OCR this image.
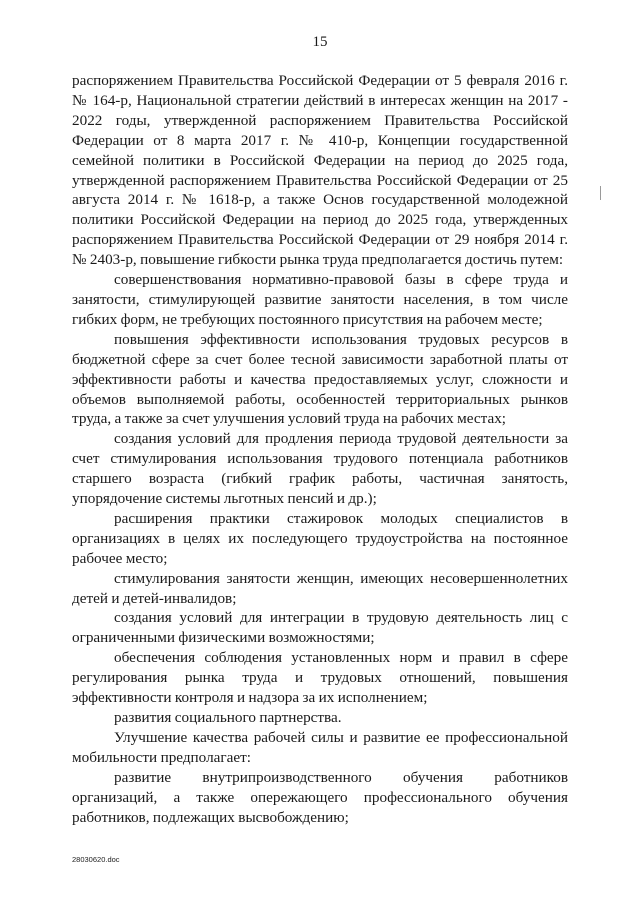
15

распоряжением Правительства Российской Федерации от 5 февраля 2016 г. № 164-р, Национальной стратегии действий в интересах женщин на 2017 - 2022 годы, утвержденной распоряжением Правительства Российской Федерации от 8 марта 2017 г. № 410-р, Концепции государственной семейной политики в Российской Федерации на период до 2025 года, утвержденной распоряжением Правительства Российской Федерации от 25 августа 2014 г. № 1618-р, а также Основ государственной молодежной политики Российской Федерации на период до 2025 года, утвержденных распоряжением Правительства Российской Федерации от 29 ноября 2014 г. № 2403-р, повышение гибкости рынка труда предполагается достичь путем:

совершенствования нормативно-правовой базы в сфере труда и занятости, стимулирующей развитие занятости населения, в том числе гибких форм, не требующих постоянного присутствия на рабочем месте;

повышения эффективности использования трудовых ресурсов в бюджетной сфере за счет более тесной зависимости заработной платы от эффективности работы и качества предоставляемых услуг, сложности и объемов выполняемой работы, особенностей территориальных рынков труда, а также за счет улучшения условий труда на рабочих местах;

создания условий для продления периода трудовой деятельности за счет стимулирования использования трудового потенциала работников старшего возраста (гибкий график работы, частичная занятость, упорядочение системы льготных пенсий и др.);

расширения практики стажировок молодых специалистов в организациях в целях их последующего трудоустройства на постоянное рабочее место;

стимулирования занятости женщин, имеющих несовершеннолетних детей и детей-инвалидов;

создания условий для интеграции в трудовую деятельность лиц с ограниченными физическими возможностями;

обеспечения соблюдения установленных норм и правил в сфере регулирования рынка труда и трудовых отношений, повышения эффективности контроля и надзора за их исполнением;

развития социального партнерства.

Улучшение качества рабочей силы и развитие ее профессиональной мобильности предполагает:

развитие внутрипроизводственного обучения работников организаций, а также опережающего профессионального обучения работников, подлежащих высвобождению;

28030620.doc
